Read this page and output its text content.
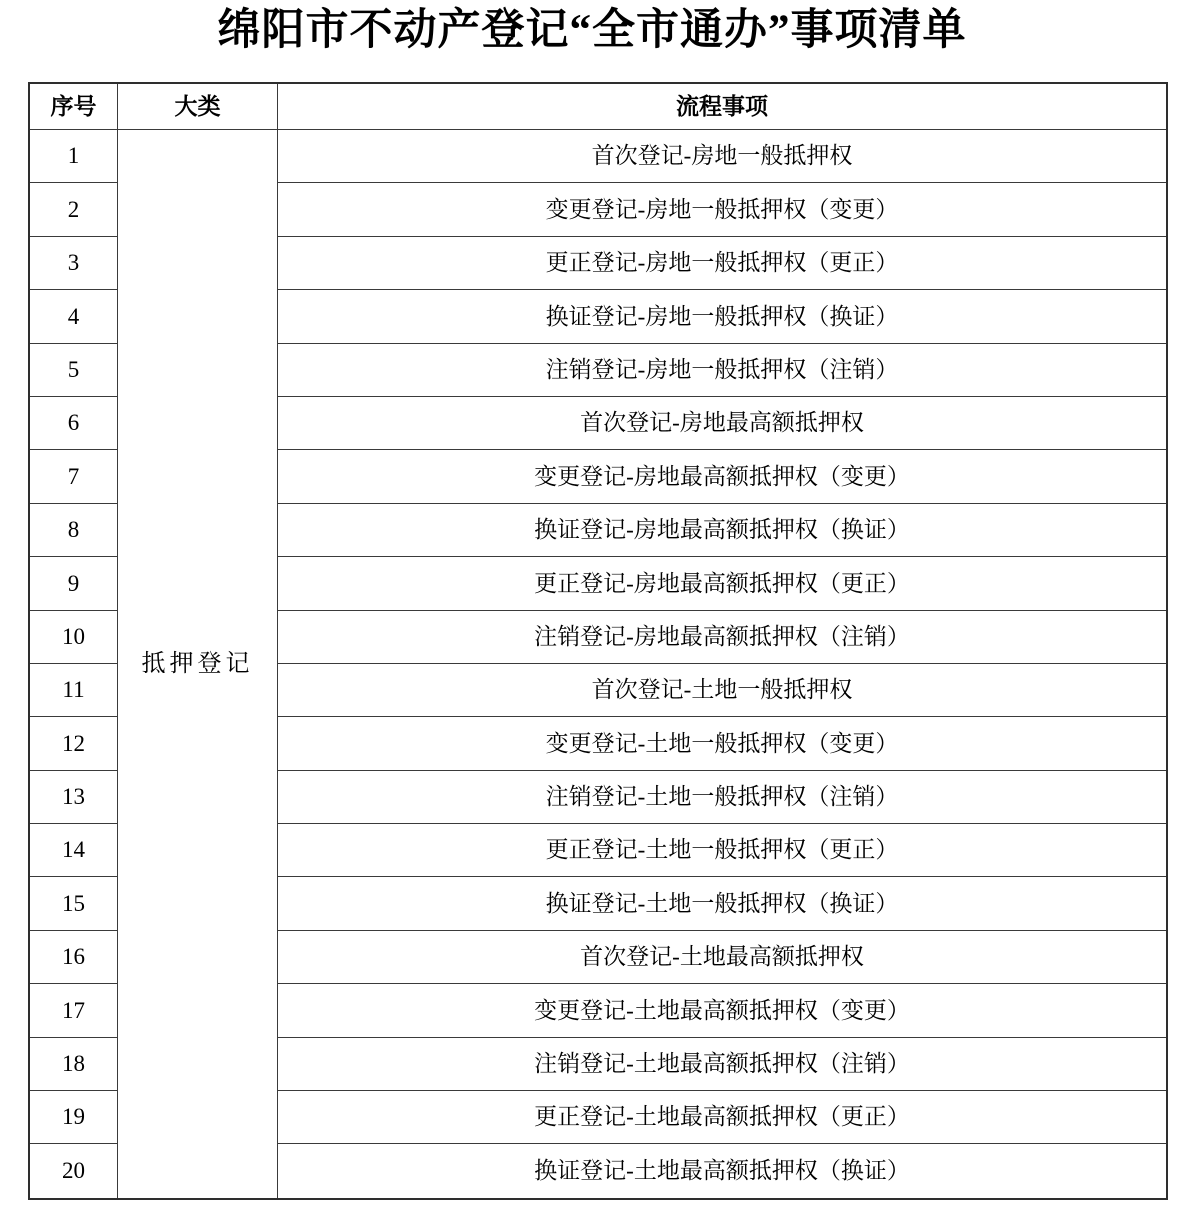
绵阳市不动产登记“全市通办”事项清单
序号	大类	流程事项
抵押登记
1	首次登记-房地一般抵押权
2	变更登记-房地一般抵押权（变更）
3	更正登记-房地一般抵押权（更正）
4	换证登记-房地一般抵押权（换证）
5	注销登记-房地一般抵押权（注销）
6	首次登记-房地最高额抵押权
7	变更登记-房地最高额抵押权（变更）
8	换证登记-房地最高额抵押权（换证）
9	更正登记-房地最高额抵押权（更正）
10	注销登记-房地最高额抵押权（注销）
11	首次登记-土地一般抵押权
12	变更登记-土地一般抵押权（变更）
13	注销登记-土地一般抵押权（注销）
14	更正登记-土地一般抵押权（更正）
15	换证登记-土地一般抵押权（换证）
16	首次登记-土地最高额抵押权
17	变更登记-土地最高额抵押权（变更）
18	注销登记-土地最高额抵押权（注销）
19	更正登记-土地最高额抵押权（更正）
20	换证登记-土地最高额抵押权（换证）
